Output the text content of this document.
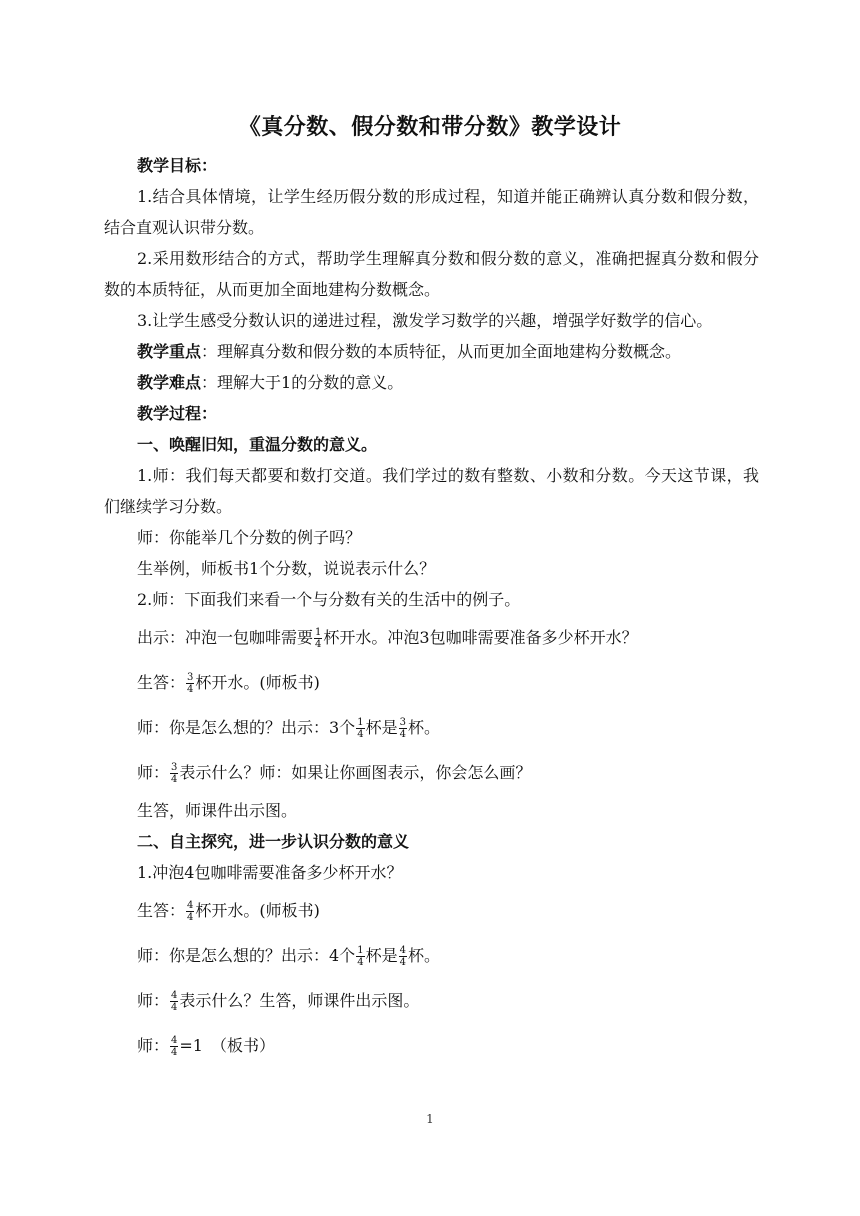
《真分数、假分数和带分数》教学设计

教学目标：

1.结合具体情境，让学生经历假分数的形成过程，知道并能正确辨认真分数和假分数，结合直观认识带分数。

2.采用数形结合的方式，帮助学生理解真分数和假分数的意义，准确把握真分数和假分数的本质特征，从而更加全面地建构分数概念。

3.让学生感受分数认识的递进过程，激发学习数学的兴趣，增强学好数学的信心。

教学重点：理解真分数和假分数的本质特征，从而更加全面地建构分数概念。

教学难点：理解大于1的分数的意义。

教学过程：

一、唤醒旧知，重温分数的意义。

1.师：我们每天都要和数打交道。我们学过的数有整数、小数和分数。今天这节课，我们继续学习分数。

师：你能举几个分数的例子吗？

生举例，师板书1个分数，说说表示什么？

2.师：下面我们来看一个与分数有关的生活中的例子。

出示：冲泡一包咖啡需要 $\frac{1}{4}$ 杯开水。冲泡3包咖啡需要准备多少杯开水？

生答： $\frac{3}{4}$ 杯开水。(师板书)

师：你是怎么想的？出示：3个 $\frac{1}{4}$ 杯是 $\frac{3}{4}$ 杯。

师： $\frac{3}{4}$ 表示什么？师：如果让你画图表示，你会怎么画？

生答，师课件出示图。

二、自主探究，进一步认识分数的意义

1.冲泡4包咖啡需要准备多少杯开水？

生答： $\frac{4}{4}$ 杯开水。(师板书)

师：你是怎么想的？出示：4个 $\frac{1}{4}$ 杯是 $\frac{4}{4}$ 杯。

师： $\frac{4}{4}$ 表示什么？生答，师课件出示图。

师： $\frac{4}{4} =1$　（板书）

1
